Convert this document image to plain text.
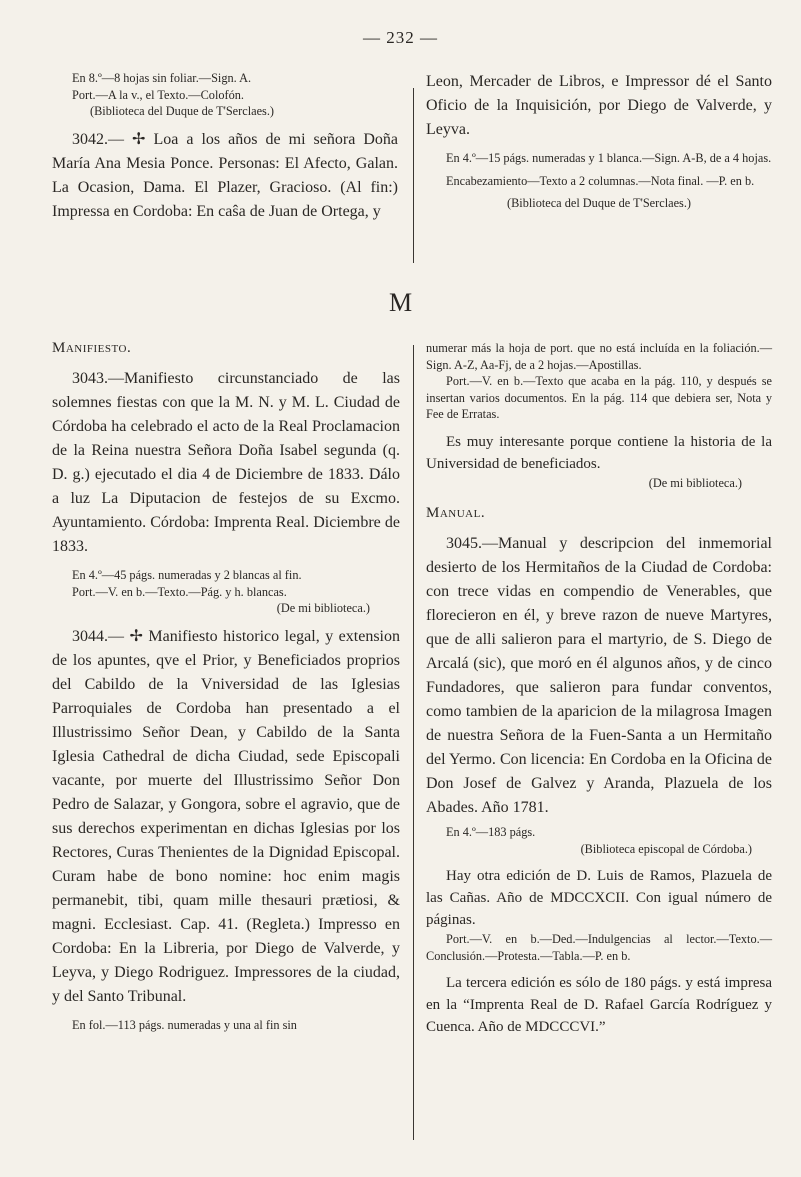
— 232 —

En 8.º—8 hojas sin foliar.—Sign. A.

Port.—A la v., el Texto.—Colofón.

(Biblioteca del Duque de T'Serclaes.)

3042.— ✢ Loa a los años de mi señora Doña María Ana Mesia Ponce. Personas: El Afecto, Galan. La Ocasion, Dama. El Plazer, Gracioso. (Al fin:) Impressa en Cordoba: En caŝa de Juan de Ortega, y

Leon, Mercader de Libros, e Impressor dé el Santo Oficio de la Inquisición, por Diego de Valverde, y Leyva.

En 4.º—15 págs. numeradas y 1 blanca.—Sign. A-B, de a 4 hojas.

Encabezamiento—Texto a 2 columnas.—Nota final. —P. en b.

(Biblioteca del Duque de T'Serclaes.)

M

Manifiesto.

3043.—Manifiesto circunstanciado de las solemnes fiestas con que la M. N. y M. L. Ciudad de Córdoba ha celebrado el acto de la Real Proclamacion de la Reina nuestra Señora Doña Isabel segunda (q. D. g.) ejecutado el dia 4 de Diciembre de 1833. Dálo a luz La Diputacion de festejos de su Excmo. Ayuntamiento. Córdoba: Imprenta Real. Diciembre de 1833.

En 4.º—45 págs. numeradas y 2 blancas al fin.

Port.—V. en b.—Texto.—Pág. y h. blancas.

(De mi biblioteca.)

3044.— ✢ Manifiesto historico legal, y extension de los apuntes, qve el Prior, y Beneficiados proprios del Cabildo de la Vniversidad de las Iglesias Parroquiales de Cordoba han presentado a el Illustrissimo Señor Dean, y Cabildo de la Santa Iglesia Cathedral de dicha Ciudad, sede Episcopali vacante, por muerte del Illustrissimo Señor Don Pedro de Salazar, y Gongora, sobre el agravio, que de sus derechos experimentan en dichas Iglesias por los Rectores, Curas Thenientes de la Dignidad Episcopal. Curam habe de bono nomine: hoc enim magis permanebit, tibi, quam mille thesauri prætiosi, & magni. Ecclesiast. Cap. 41. (Regleta.) Impresso en Cordoba: En la Libreria, por Diego de Valverde, y Leyva, y Diego Rodriguez. Impressores de la ciudad, y del Santo Tribunal.

En fol.—113 págs. numeradas y una al fin sin

numerar más la hoja de port. que no está incluída en la foliación.—Sign. A-Z, Aa-Fj, de a 2 hojas.—Apostillas.

Port.—V. en b.—Texto que acaba en la pág. 110, y después se insertan varios documentos. En la pág. 114 que debiera ser, Nota y Fee de Erratas.

Es muy interesante porque contiene la historia de la Universidad de beneficiados.

(De mi biblioteca.)

Manual.

3045.—Manual y descripcion del inmemorial desierto de los Hermitaños de la Ciudad de Cordoba: con trece vidas en compendio de Venerables, que florecieron en él, y breve razon de nueve Martyres, que de alli salieron para el martyrio, de S. Diego de Arcalá (sic), que moró en él algunos años, y de cinco Fundadores, que salieron para fundar conventos, como tambien de la aparicion de la milagrosa Imagen de nuestra Señora de la Fuen-Santa a un Hermitaño del Yermo. Con licencia: En Cordoba en la Oficina de Don Josef de Galvez y Aranda, Plazuela de los Abades. Año 1781.

En 4.º—183 págs.

(Biblioteca episcopal de Córdoba.)

Hay otra edición de D. Luis de Ramos, Plazuela de las Cañas. Año de MDCCXCII. Con igual número de páginas.

Port.—V. en b.—Ded.—Indulgencias al lector.—Texto.—Conclusión.—Protesta.—Tabla.—P. en b.

La tercera edición es sólo de 180 págs. y está impresa en la “Imprenta Real de D. Rafael García Rodríguez y Cuenca. Año de MDCCCVI.”
